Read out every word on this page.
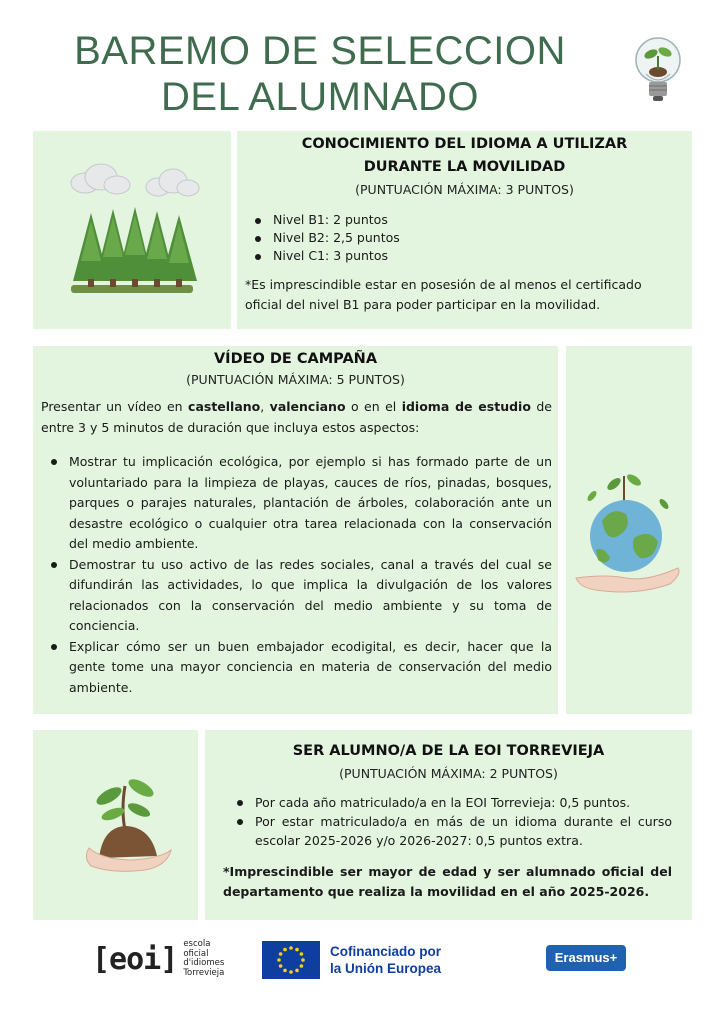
BAREMO DE SELECCION
DEL ALUMNADO
CONOCIMIENTO DEL IDIOMA A UTILIZAR
DURANTE LA MOVILIDAD
(PUNTUACIÓN MÁXIMA: 3 PUNTOS)
Nivel B1: 2 puntos
Nivel B2: 2,5 puntos
Nivel C1: 3 puntos
*Es imprescindible estar en posesión de al menos el certificado oficial del nivel B1 para poder participar en la movilidad.
VÍDEO DE CAMPAÑA
(PUNTUACIÓN MÁXIMA: 5 PUNTOS)
Presentar un vídeo en castellano, valenciano o en el idioma de estudio de entre 3 y 5 minutos de duración que incluya estos aspectos:
Mostrar tu implicación ecológica, por ejemplo si has formado parte de un voluntariado para la limpieza de playas, cauces de ríos, pinadas, bosques, parques o parajes naturales, plantación de árboles, colaboración ante un desastre ecológico o cualquier otra tarea relacionada con la conservación del medio ambiente.
Demostrar tu uso activo de las redes sociales, canal a través del cual se difundirán las actividades, lo que implica la divulgación de los valores relacionados con la conservación del medio ambiente y su toma de conciencia.
Explicar cómo ser un buen embajador ecodigital, es decir, hacer que la gente tome una mayor conciencia en materia de conservación del medio ambiente.
SER ALUMNO/A DE LA EOI TORREVIEJA
(PUNTUACIÓN MÁXIMA: 2 PUNTOS)
Por cada año matriculado/a en la EOI Torrevieja: 0,5 puntos.
Por estar matriculado/a en más de un idioma durante el curso escolar 2025-2026 y/o 2026-2027: 0,5 puntos extra.
*Imprescindible ser mayor de edad y ser alumnado oficial del departamento que realiza la movilidad en el año 2025-2026.
[eoi] escola
oficial
d'idiomes
Torrevieja
Cofinanciado por
la Unión Europea
Erasmus+
